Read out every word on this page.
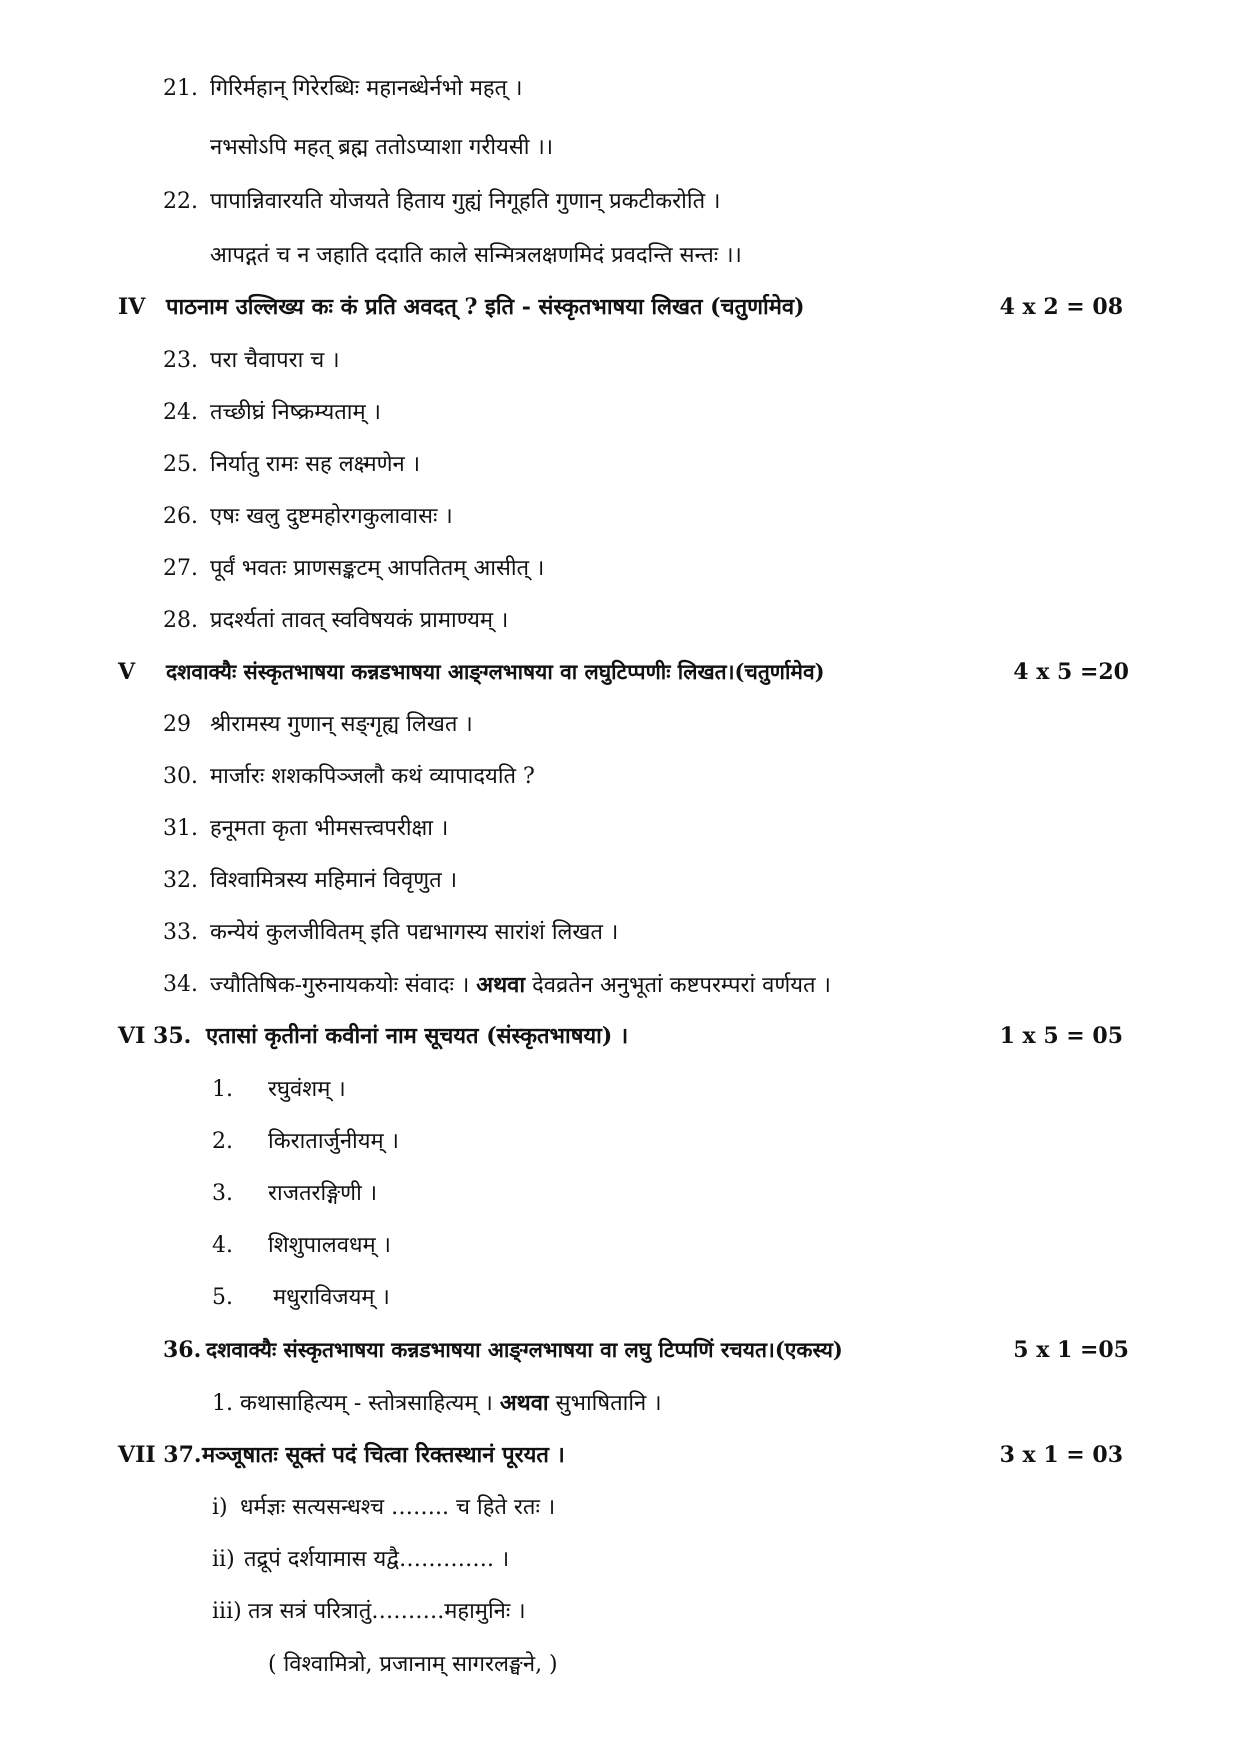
21. गिरिर्महान् गिरेरब्धिः महानब्धेर्नभो महत् ।
नभसोऽपि महत् ब्रह्म ततोऽप्याशा गरीयसी ।।
22. पापान्निवारयति योजयते हिताय गुह्यं निगूहति गुणान् प्रकटीकरोति ।
आपद्गतं च न जहाति ददाति काले सन्मित्रलक्षणमिदं प्रवदन्ति सन्तः ।।
IV पाठनाम उल्लिख्य कः कं प्रति अवदत् ? इति - संस्कृतभाषया लिखत (चतुर्णामेव)	4 x 2 = 08
23. परा चैवापरा च ।
24. तच्छीघ्रं निष्क्रम्यताम् ।
25. निर्यातु रामः सह लक्ष्मणेन ।
26. एषः खलु दुष्टमहोरगकुलावासः ।
27. पूर्वं भवतः प्राणसङ्कटम् आपतितम् आसीत् ।
28. प्रदर्श्यतां तावत् स्वविषयकं प्रामाण्यम् ।
V दशवाक्यैः संस्कृतभाषया कन्नडभाषया आङ्ग्लभाषया वा लघुटिप्पणीः लिखत।(चतुर्णामेव)	4 x 5 =20
29 श्रीरामस्य गुणान् सङ्गृह्य लिखत ।
30. मार्जारः शशकपिञ्जलौ कथं व्यापादयति ?
31. हनूमता कृता भीमसत्त्वपरीक्षा ।
32. विश्वामित्रस्य महिमानं विवृणुत ।
33. कन्येयं कुलजीवितम् इति पद्यभागस्य सारांशं लिखत ।
34. ज्यौतिषिक-गुरुनायकयोः संवादः । अथवा देवव्रतेन अनुभूतां कष्टपरम्परां वर्णयत ।
VI 35. एतासां कृतीनां कवीनां नाम सूचयत (संस्कृतभाषया) ।	1 x 5 = 05
1. रघुवंशम् ।
2. किरातार्जुनीयम् ।
3. राजतरङ्गिणी ।
4. शिशुपालवधम् ।
5. मधुराविजयम् ।
36. दशवाक्यैः संस्कृतभाषया कन्नडभाषया आङ्ग्लभाषया वा लघु टिप्पणिं रचयत।(एकस्य)	5 x 1 =05
1. कथासाहित्यम् - स्तोत्रसाहित्यम् । अथवा सुभाषितानि ।
VII 37. मञ्जूषातः सूक्तं पदं चित्वा रिक्तस्थानं पूरयत ।	3 x 1 = 03
i) धर्मज्ञः सत्यसन्धश्च …….. च हिते रतः ।
ii) तद्रूपं दर्शयामास यद्वै…………. ।
iii) तत्र सत्रं परित्रातुं……….महामुनिः ।
( विश्वामित्रो, प्रजानाम् सागरलङ्घने, )
